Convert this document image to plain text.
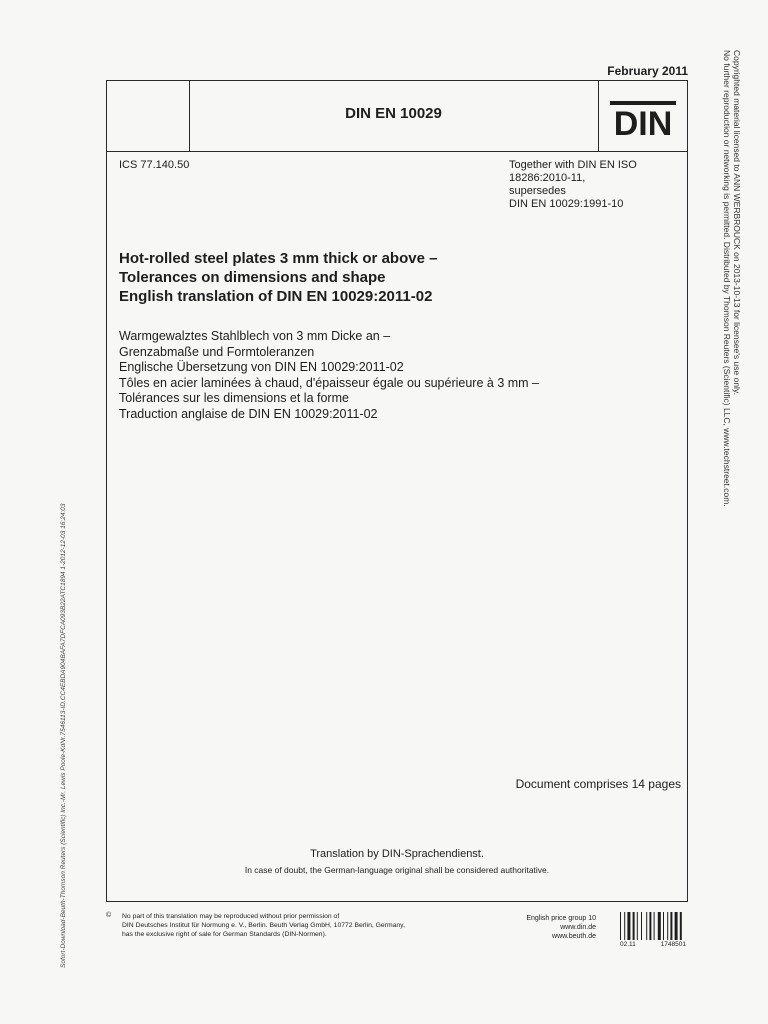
February 2011
DIN EN 10029	DIN
ICS 77.140.50	Together with DIN EN ISO
18286:2010-11,
supersedes
DIN EN 10029:1991-10
Hot-rolled steel plates 3 mm thick or above –
Tolerances on dimensions and shape
English translation of DIN EN 10029:2011-02
Warmgewalztes Stahlblech von 3 mm Dicke an –
Grenzabmaße und Formtoleranzen
Englische Übersetzung von DIN EN 10029:2011-02
Tôles en acier laminées à chaud, d'épaisseur égale ou supérieure à 3 mm –
Tolérances sur les dimensions et la forme
Traduction anglaise de DIN EN 10029:2011-02
Document comprises 14 pages
Translation by DIN-Sprachendienst.
In case of doubt, the German-language original shall be considered authoritative.
© No part of this translation may be reproduced without prior permission of
DIN Deutsches Institut für Normung e. V., Berlin. Beuth Verlag GmbH, 10772 Berlin, Germany,
has the exclusive right of sale for German Standards (DIN-Normen).
English price group 10
www.din.de
www.beuth.de
02.11	1748501
Copyrighted material licensed to ANN WERBROUCK on 2013-10-13 for licensee's use only.
No further reproduction or networking is permitted. Distributed by Thomson Reuters (Scientific) LLC, www.techstreet.com.
Sofort-Download-Beuth-Thomson Reuters (Scientific) Inc.-Mr. Lewis Poole-KdNr.7546113-ID.CC4EBDA904BAFA7DFCA093B22ATC1894 1-2012-12-03 16:24:03
